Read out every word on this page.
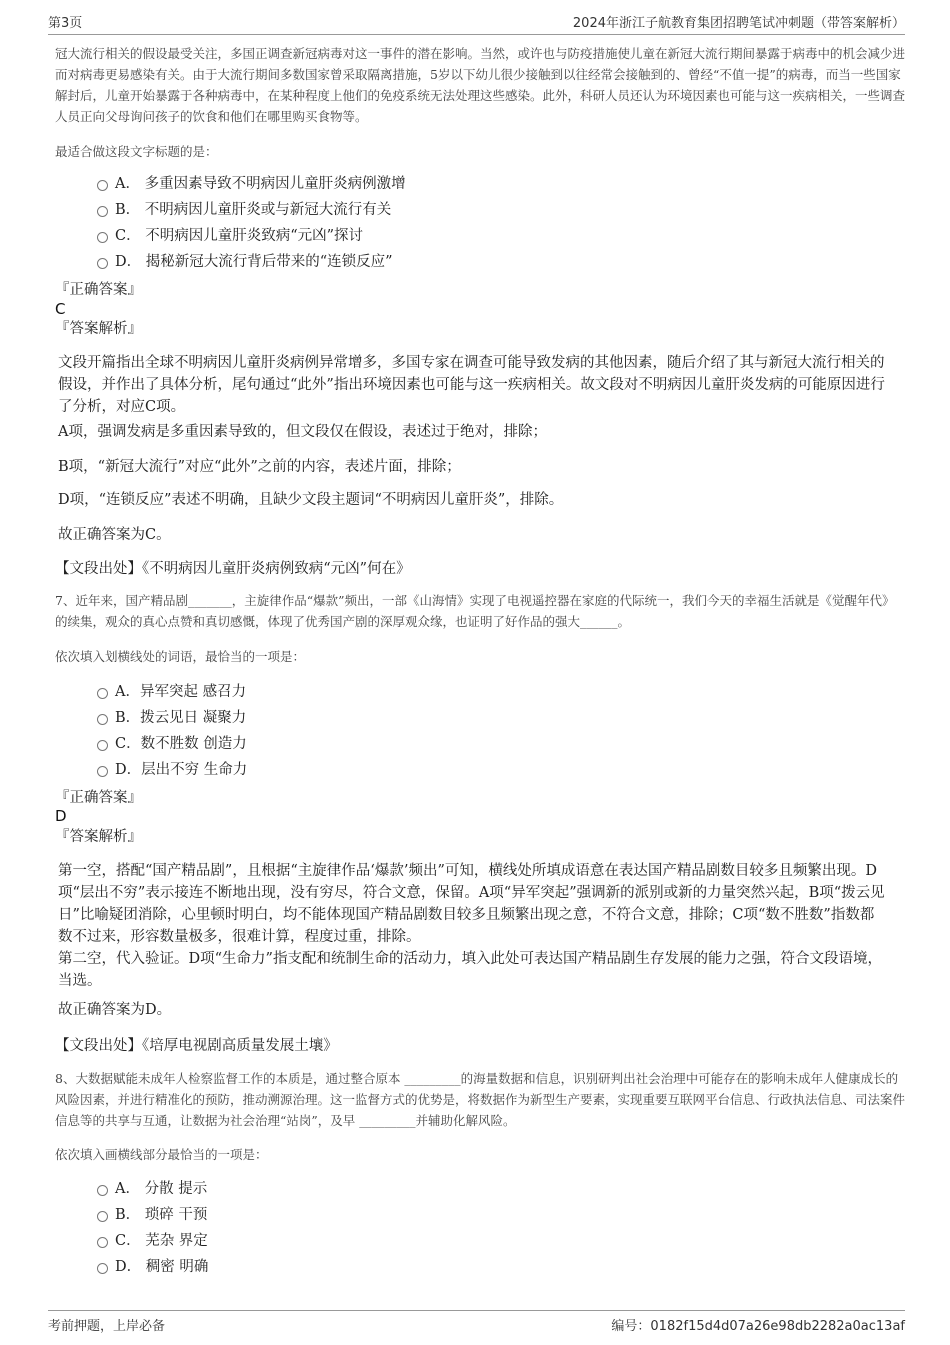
第3页	2024年浙江子航教育集团招聘笔试冲刺题（带答案解析）

冠大流行相关的假设最受关注，多国正调查新冠病毒对这一事件的潜在影响。当然，或许也与防疫措施使儿童在新冠大流行期间暴露于病毒中的机会减少进而对病毒更易感染有关。由于大流行期间多数国家曾采取隔离措施，5岁以下幼儿很少接触到以往经常会接触到的、曾经“不值一提”的病毒，而当一些国家解封后，儿童开始暴露于各种病毒中，在某种程度上他们的免疫系统无法处理这些感染。此外，科研人员还认为环境因素也可能与这一疾病相关，一些调查人员正向父母询问孩子的饮食和他们在哪里购买食物等。

最适合做这段文字标题的是：

A． 多重因素导致不明病因儿童肝炎病例激增
B． 不明病因儿童肝炎或与新冠大流行有关
C． 不明病因儿童肝炎致病“元凶”探讨
D． 揭秘新冠大流行背后带来的“连锁反应”

『正确答案』

C

『答案解析』

文段开篇指出全球不明病因儿童肝炎病例异常增多，多国专家在调查可能导致发病的其他因素，随后介绍了其与新冠大流行相关的假设，并作出了具体分析，尾句通过“此外”指出环境因素也可能与这一疾病相关。故文段对不明病因儿童肝炎发病的可能原因进行了分析，对应C项。

A项，强调发病是多重因素导致的，但文段仅在假设，表述过于绝对，排除；

B项，“新冠大流行”对应“此外”之前的内容，表述片面，排除；

D项，“连锁反应”表述不明确，且缺少文段主题词“不明病因儿童肝炎”，排除。

故正确答案为C。

【文段出处】《不明病因儿童肝炎病例致病“元凶”何在》

7、近年来，国产精品剧_______，主旋律作品“爆款”频出，一部《山海情》实现了电视遥控器在家庭的代际统一，我们今天的幸福生活就是《觉醒年代》的续集，观众的真心点赞和真切感慨，体现了优秀国产剧的深厚观众缘，也证明了好作品的强大______。

依次填入划横线处的词语，最恰当的一项是：

A．异军突起 感召力
B．拨云见日 凝聚力
C．数不胜数 创造力
D．层出不穷 生命力

『正确答案』

D

『答案解析』

第一空，搭配“国产精品剧”，且根据“主旋律作品‘爆款’频出”可知，横线处所填成语意在表达国产精品剧数目较多且频繁出现。D项“层出不穷”表示接连不断地出现，没有穷尽，符合文意，保留。A项“异军突起”强调新的派别或新的力量突然兴起，B项“拨云见日”比喻疑团消除，心里顿时明白，均不能体现国产精品剧数目较多且频繁出现之意，不符合文意，排除；C项“数不胜数”指数都数不过来，形容数量极多，很难计算，程度过重，排除。

第二空，代入验证。D项“生命力”指支配和统制生命的活动力，填入此处可表达国产精品剧生存发展的能力之强，符合文段语境，当选。

故正确答案为D。

【文段出处】《培厚电视剧高质量发展土壤》

8、大数据赋能未成年人检察监督工作的本质是，通过整合原本 _________的海量数据和信息，识别研判出社会治理中可能存在的影响未成年人健康成长的风险因素，并进行精准化的预防，推动溯源治理。这一监督方式的优势是，将数据作为新型生产要素，实现重要互联网平台信息、行政执法信息、司法案件信息等的共享与互通，让数据为社会治理“站岗”，及早 _________并辅助化解风险。

依次填入画横线部分最恰当的一项是：

A． 分散 提示
B． 琐碎 干预
C． 芜杂 界定
D． 稠密 明确
考前押题，上岸必备	编号：0182f15d4d07a26e98db2282a0ac13af
